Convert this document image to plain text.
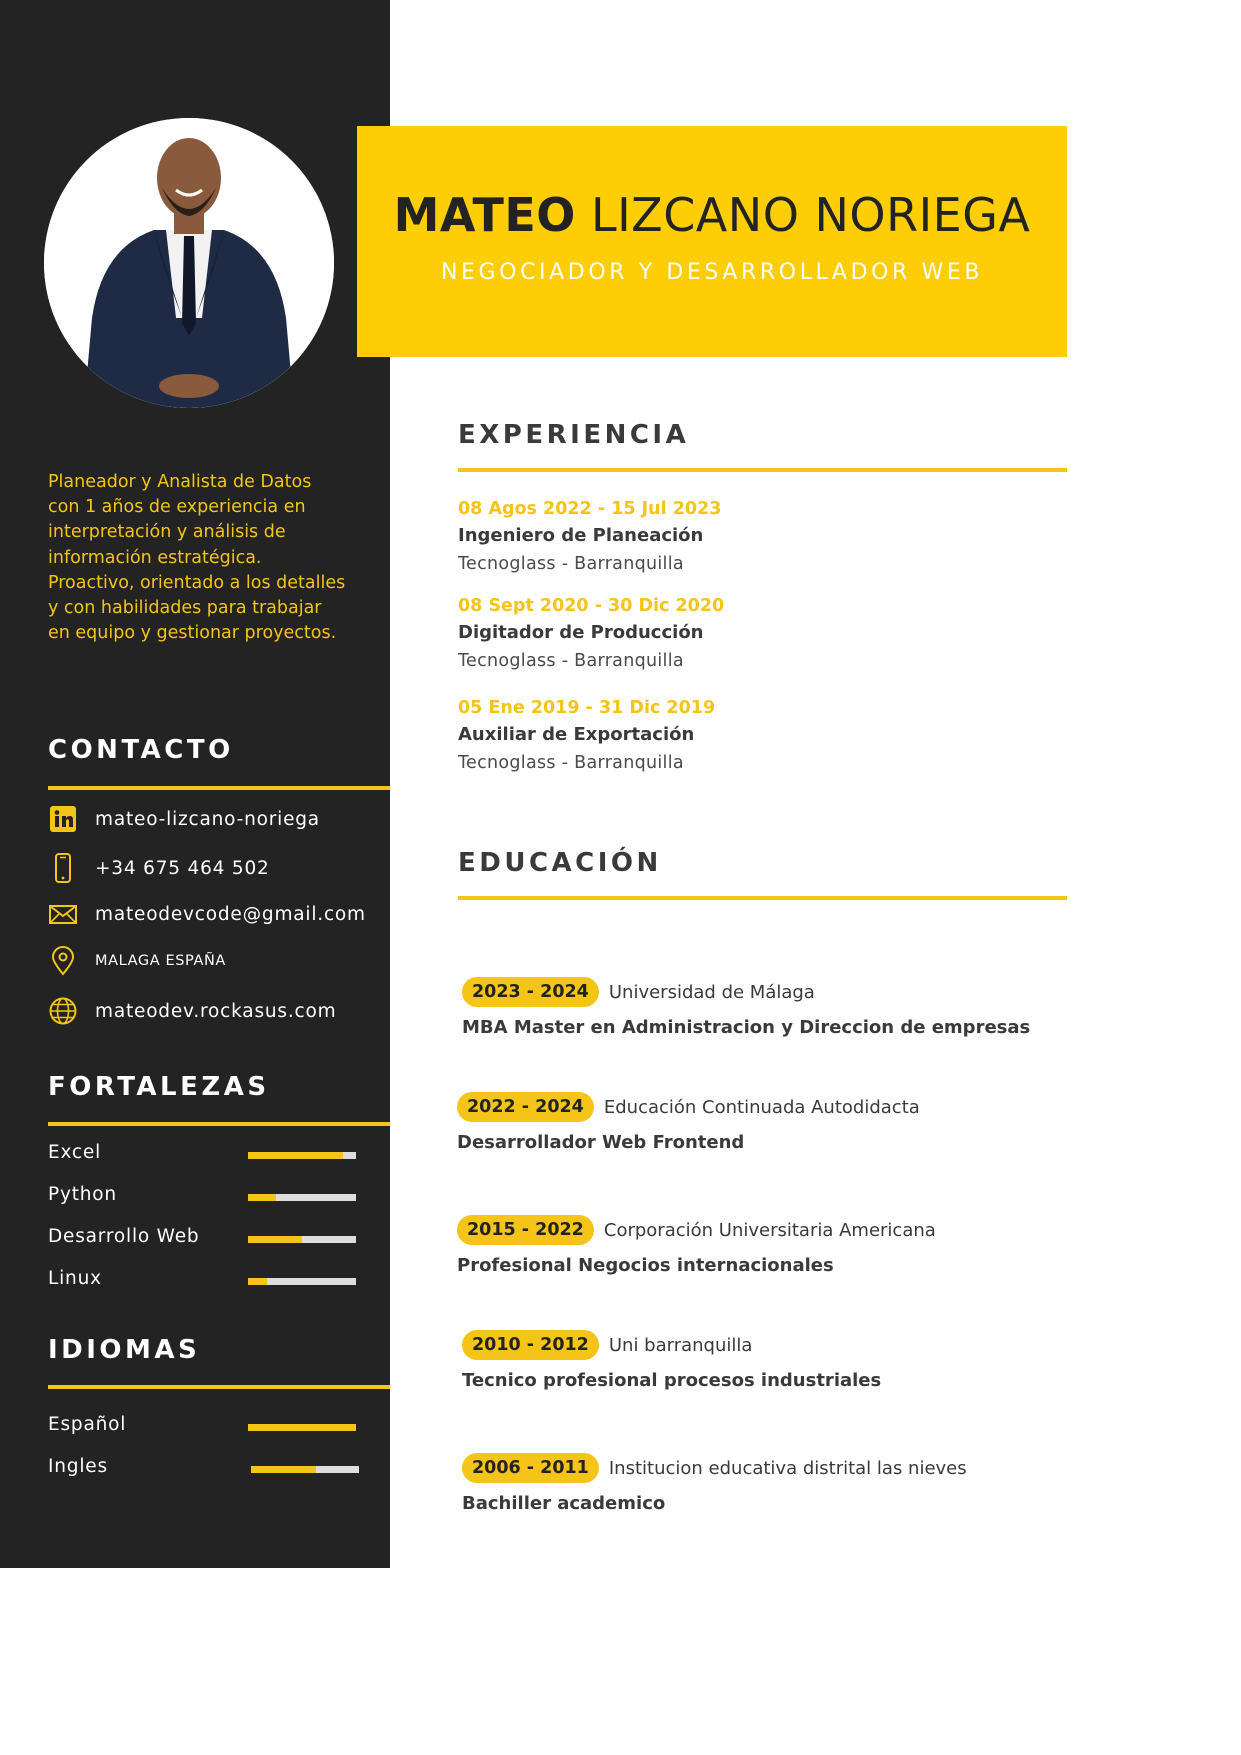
Planeador y Analista de Datos con 1 años de experiencia en interpretación y análisis de información estratégica. Proactivo, orientado a los detalles y con habilidades para trabajar en equipo y gestionar proyectos.
CONTACTO
mateo-lizcano-noriega
+34 675 464 502
mateodevcode@gmail.com
MALAGA ESPAÑA
mateodev.rockasus.com
FORTALEZAS
Excel
Python
Desarrollo Web
Linux
IDIOMAS
Español
Ingles
MATEO LIZCANO NORIEGA
NEGOCIADOR Y DESARROLLADOR WEB
EXPERIENCIA
08 Agos 2022 - 15 Jul 2023
Ingeniero de Planeación
Tecnoglass - Barranquilla
08 Sept 2020 - 30 Dic 2020
Digitador de Producción
Tecnoglass - Barranquilla
05 Ene 2019 - 31 Dic 2019
Auxiliar de Exportación
Tecnoglass - Barranquilla
EDUCACIÓN
2023 - 2024	Universidad de Málaga
MBA Master en Administracion y Direccion de empresas
2022 - 2024	Educación Continuada Autodidacta
Desarrollador Web Frontend
2015 - 2022	Corporación Universitaria Americana
Profesional Negocios internacionales
2010 - 2012	Uni barranquilla
Tecnico profesional procesos industriales
2006 - 2011	Institucion educativa distrital las nieves
Bachiller academico
